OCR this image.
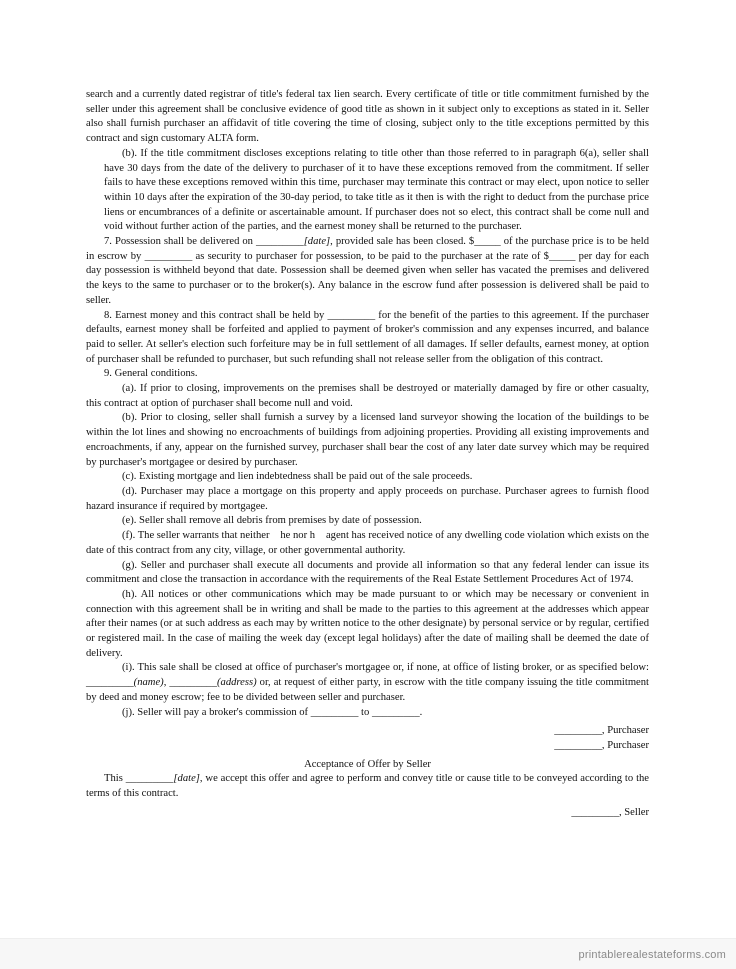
search and a currently dated registrar of title's federal tax lien search. Every certificate of title or title commitment furnished by the seller under this agreement shall be conclusive evidence of good title as shown in it subject only to exceptions as stated in it. Seller also shall furnish purchaser an affidavit of title covering the time of closing, subject only to the title exceptions permitted by this contract and sign customary ALTA form.

(b). If the title commitment discloses exceptions relating to title other than those referred to in paragraph 6(a), seller shall have 30 days from the date of the delivery to purchaser of it to have these exceptions removed from the commitment. If seller fails to have these exceptions removed within this time, purchaser may terminate this contract or may elect, upon notice to seller within 10 days after the expiration of the 30-day period, to take title as it then is with the right to deduct from the purchase price liens or encumbrances of a definite or ascertainable amount. If purchaser does not so elect, this contract shall be come null and void without further action of the parties, and the earnest money shall be returned to the purchaser.

7. Possession shall be delivered on _________[date], provided sale has been closed. $_____ of the purchase price is to be held in escrow by _________ as security to purchaser for possession, to be paid to the purchaser at the rate of $_____ per day for each day possession is withheld beyond that date. Possession shall be deemed given when seller has vacated the premises and delivered the keys to the same to purchaser or to the broker(s). Any balance in the escrow fund after possession is delivered shall be paid to seller.

8. Earnest money and this contract shall be held by _________ for the benefit of the parties to this agreement. If the purchaser defaults, earnest money shall be forfeited and applied to payment of broker's commission and any expenses incurred, and balance paid to seller. At seller's election such forfeiture may be in full settlement of all damages. If seller defaults, earnest money, at option of purchaser shall be refunded to purchaser, but such refunding shall not release seller from the obligation of this contract.

9. General conditions.

(a). If prior to closing, improvements on the premises shall be destroyed or materially damaged by fire or other casualty, this contract at option of purchaser shall become null and void.

(b). Prior to closing, seller shall furnish a survey by a licensed land surveyor showing the location of the buildings to be within the lot lines and showing no encroachments of buildings from adjoining properties. Providing all existing improvements and encroachments, if any, appear on the furnished survey, purchaser shall bear the cost of any later date survey which may be required by purchaser's mortgagee or desired by purchaser.

(c). Existing mortgage and lien indebtedness shall be paid out of the sale proceeds.

(d). Purchaser may place a mortgage on this property and apply proceeds on purchase. Purchaser agrees to furnish flood hazard insurance if required by mortgagee.

(e). Seller shall remove all debris from premises by date of possession.

(f). The seller warrants that neither he nor h agent has received notice of any dwelling code violation which exists on the date of this contract from any city, village, or other governmental authority.

(g). Seller and purchaser shall execute all documents and provide all information so that any federal lender can issue its commitment and close the transaction in accordance with the requirements of the Real Estate Settlement Procedures Act of 1974.

(h). All notices or other communications which may be made pursuant to or which may be necessary or convenient in connection with this agreement shall be in writing and shall be made to the parties to this agreement at the addresses which appear after their names (or at such address as each may by written notice to the other designate) by personal service or by regular, certified or registered mail. In the case of mailing the week day (except legal holidays) after the date of mailing shall be deemed the date of delivery.

(i). This sale shall be closed at office of purchaser's mortgagee or, if none, at office of listing broker, or as specified below: _________(name), _________(address) or, at request of either party, in escrow with the title company issuing the title commitment by deed and money escrow; fee to be divided between seller and purchaser.

(j). Seller will pay a broker's commission of _________ to _________.

_________, Purchaser

_________, Purchaser

Acceptance of Offer by Seller

This _________[date], we accept this offer and agree to perform and convey title or cause title to be conveyed according to the terms of this contract.

_________, Seller

printablerealestateforms.com
